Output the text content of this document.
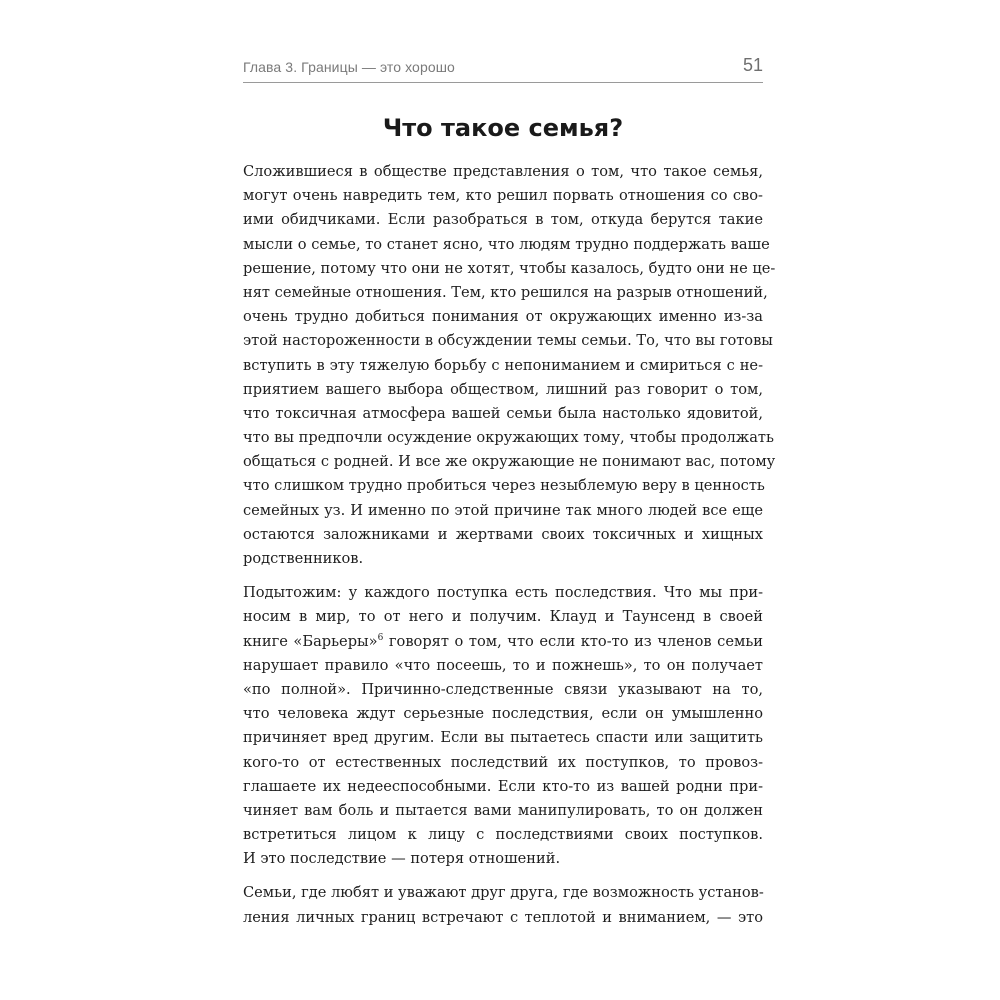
Глава 3. Границы — это хорошо	51
Что такое семья?
Сложившиеся в обществе представления о том, что такое семья,
могут очень навредить тем, кто решил порвать отношения со сво-
ими обидчиками. Если разобраться в том, откуда берутся такие
мысли о семье, то станет ясно, что людям трудно поддержать ваше
решение, потому что они не хотят, чтобы казалось, будто они не це-
нят семейные отношения. Тем, кто решился на разрыв отношений,
очень трудно добиться понимания от окружающих именно из-за
этой настороженности в обсуждении темы семьи. То, что вы готовы
вступить в эту тяжелую борьбу с непониманием и смириться с не-
приятием вашего выбора обществом, лишний раз говорит о том,
что токсичная атмосфера вашей семьи была настолько ядовитой,
что вы предпочли осуждение окружающих тому, чтобы продолжать
общаться с родней. И все же окружающие не понимают вас, потому
что слишком трудно пробиться через незыблемую веру в ценность
семейных уз. И именно по этой причине так много людей все еще
остаются заложниками и жертвами своих токсичных и хищных
родственников.
Подытожим: у каждого поступка есть последствия. Что мы при-
носим в мир, то от него и получим. Клауд и Таунсенд в своей
книге «Барьеры»$^6$ говорят о том, что если кто-то из членов семьи
нарушает правило «что посеешь, то и пожнешь», то он получает
«по полной». Причинно-следственные связи указывают на то,
что человека ждут серьезные последствия, если он умышленно
причиняет вред другим. Если вы пытаетесь спасти или защитить
кого-то от естественных последствий их поступков, то провоз-
глашаете их недееспособными. Если кто-то из вашей родни при-
чиняет вам боль и пытается вами манипулировать, то он должен
встретиться лицом к лицу с последствиями своих поступков.
И это последствие — потеря отношений.
Семьи, где любят и уважают друг друга, где возможность установ-
ления личных границ встречают с теплотой и вниманием, — это
